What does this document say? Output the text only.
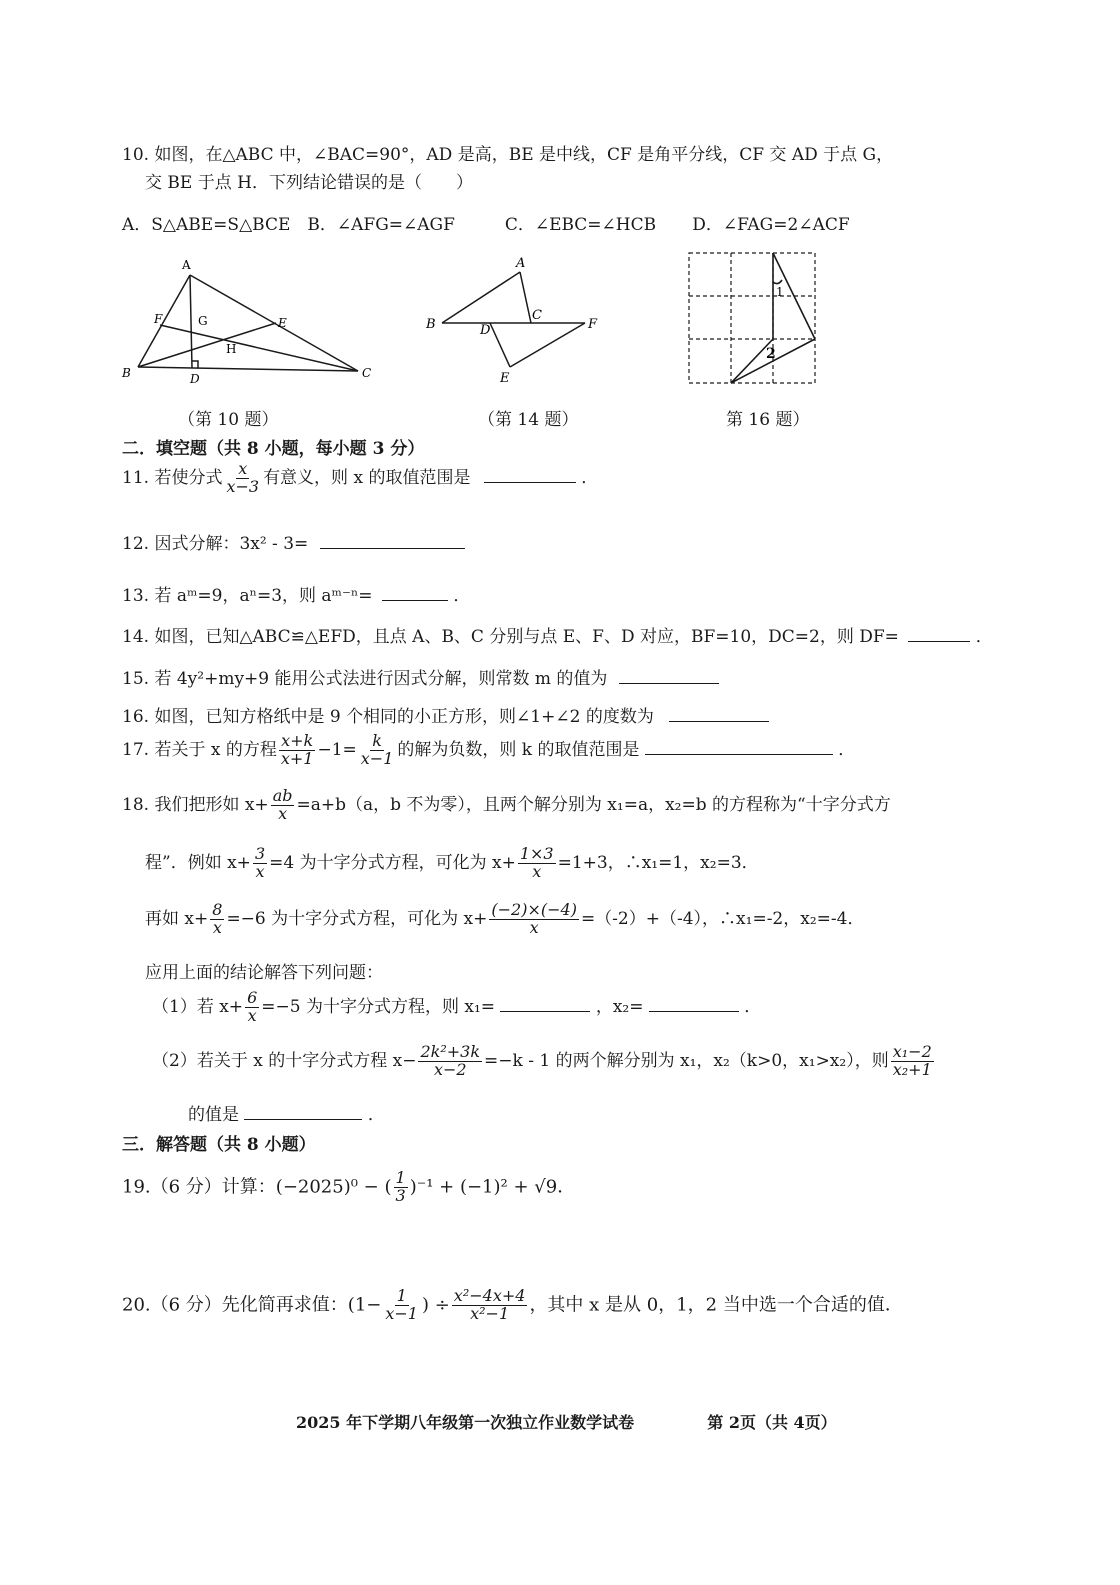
10. 如图，在△ABC 中，∠BAC=90°，AD 是高，BE 是中线，CF 是角平分线，CF 交 AD 于点 G，
交 BE 于点 H．下列结论错误的是（　　）
A．S△ABE=S△BCE B．∠AFG=∠AGF	C．∠EBC=∠HCB D．∠FAG=2∠ACF
A
B	C
D
E
F	G
H
A
B
C
D
E
F
1
2
（第 10 题）	（第 14 题）	第 16 题）
二．填空题（共 8 小题，每小题 3 分）
11. 若使分式 $\frac{x}{x-3}$ 有意义，则 x 的取值范围是	．
12. 因式分解：3x² - 3=
13. 若 aᵐ=9，aⁿ=3，则 aᵐ⁻ⁿ=	．
14. 如图，已知△ABC≌△EFD，且点 A、B、C 分别与点 E、F、D 对应，BF=10，DC=2，则 DF=	．
15. 若 4y²+my+9 能用公式法进行因式分解，则常数 m 的值为
16. 如图，已知方格纸中是 9 个相同的小正方形，则∠1+∠2 的度数为
17. 若关于 x 的方程 $\frac{x+k}{x+1} -1= \frac{k}{x-1}$ 的解为负数，则 k 的取值范围是	．
18. 我们把形如 $x+ \frac{ab}{x} =a+b(a$，b 不为零），且两个解分别为 x₁=a，x₂=b 的方程称为“十字分式方
程”．例如 $x+ \frac{3}{x} =4$ 为十字分式方程，可化为 $x+ \frac{1\times 3}{x} =1+3$，∴x₁=1，x₂=3．
再如 $x+ \frac{8}{x} =-6$ 为十字分式方程，可化为 $x+ \frac{(-2)\times(-4)}{x} =(-2)+(-4)$，∴x₁=-2，x₂=-4．
应用上面的结论解答下列问题：
（1）若 $x+ \frac{6}{x} =-5$ 为十字分式方程，则 x₁=	，x₂=	．
（2）若关于 x 的十字分式方程 $x- \frac{\text{2k²+3k}}{x-2} =-k - 1$ 的两个解分别为 x₁，x₂（k>0，x₁>x₂），则 $\frac{\text{x₁−2}}{\text{x₂+1}}$
的值是	．
三．解答题（共 8 小题）
19.（6 分）计算：(−2025)⁰ − ( $\frac{1}{3} )^{-1} + (-1)^2 + √9$．
20.（6 分）先化简再求值：($1- \frac{1}{x-1}$ ) ÷ $\frac{\text{x²−4x+4}}{\text{x²−1}}$ ，其中 x 是从 0，1，2 当中选一个合适的值．
2025 年下学期八年级第一次独立作业数学试卷	第 2页（共 4页）
